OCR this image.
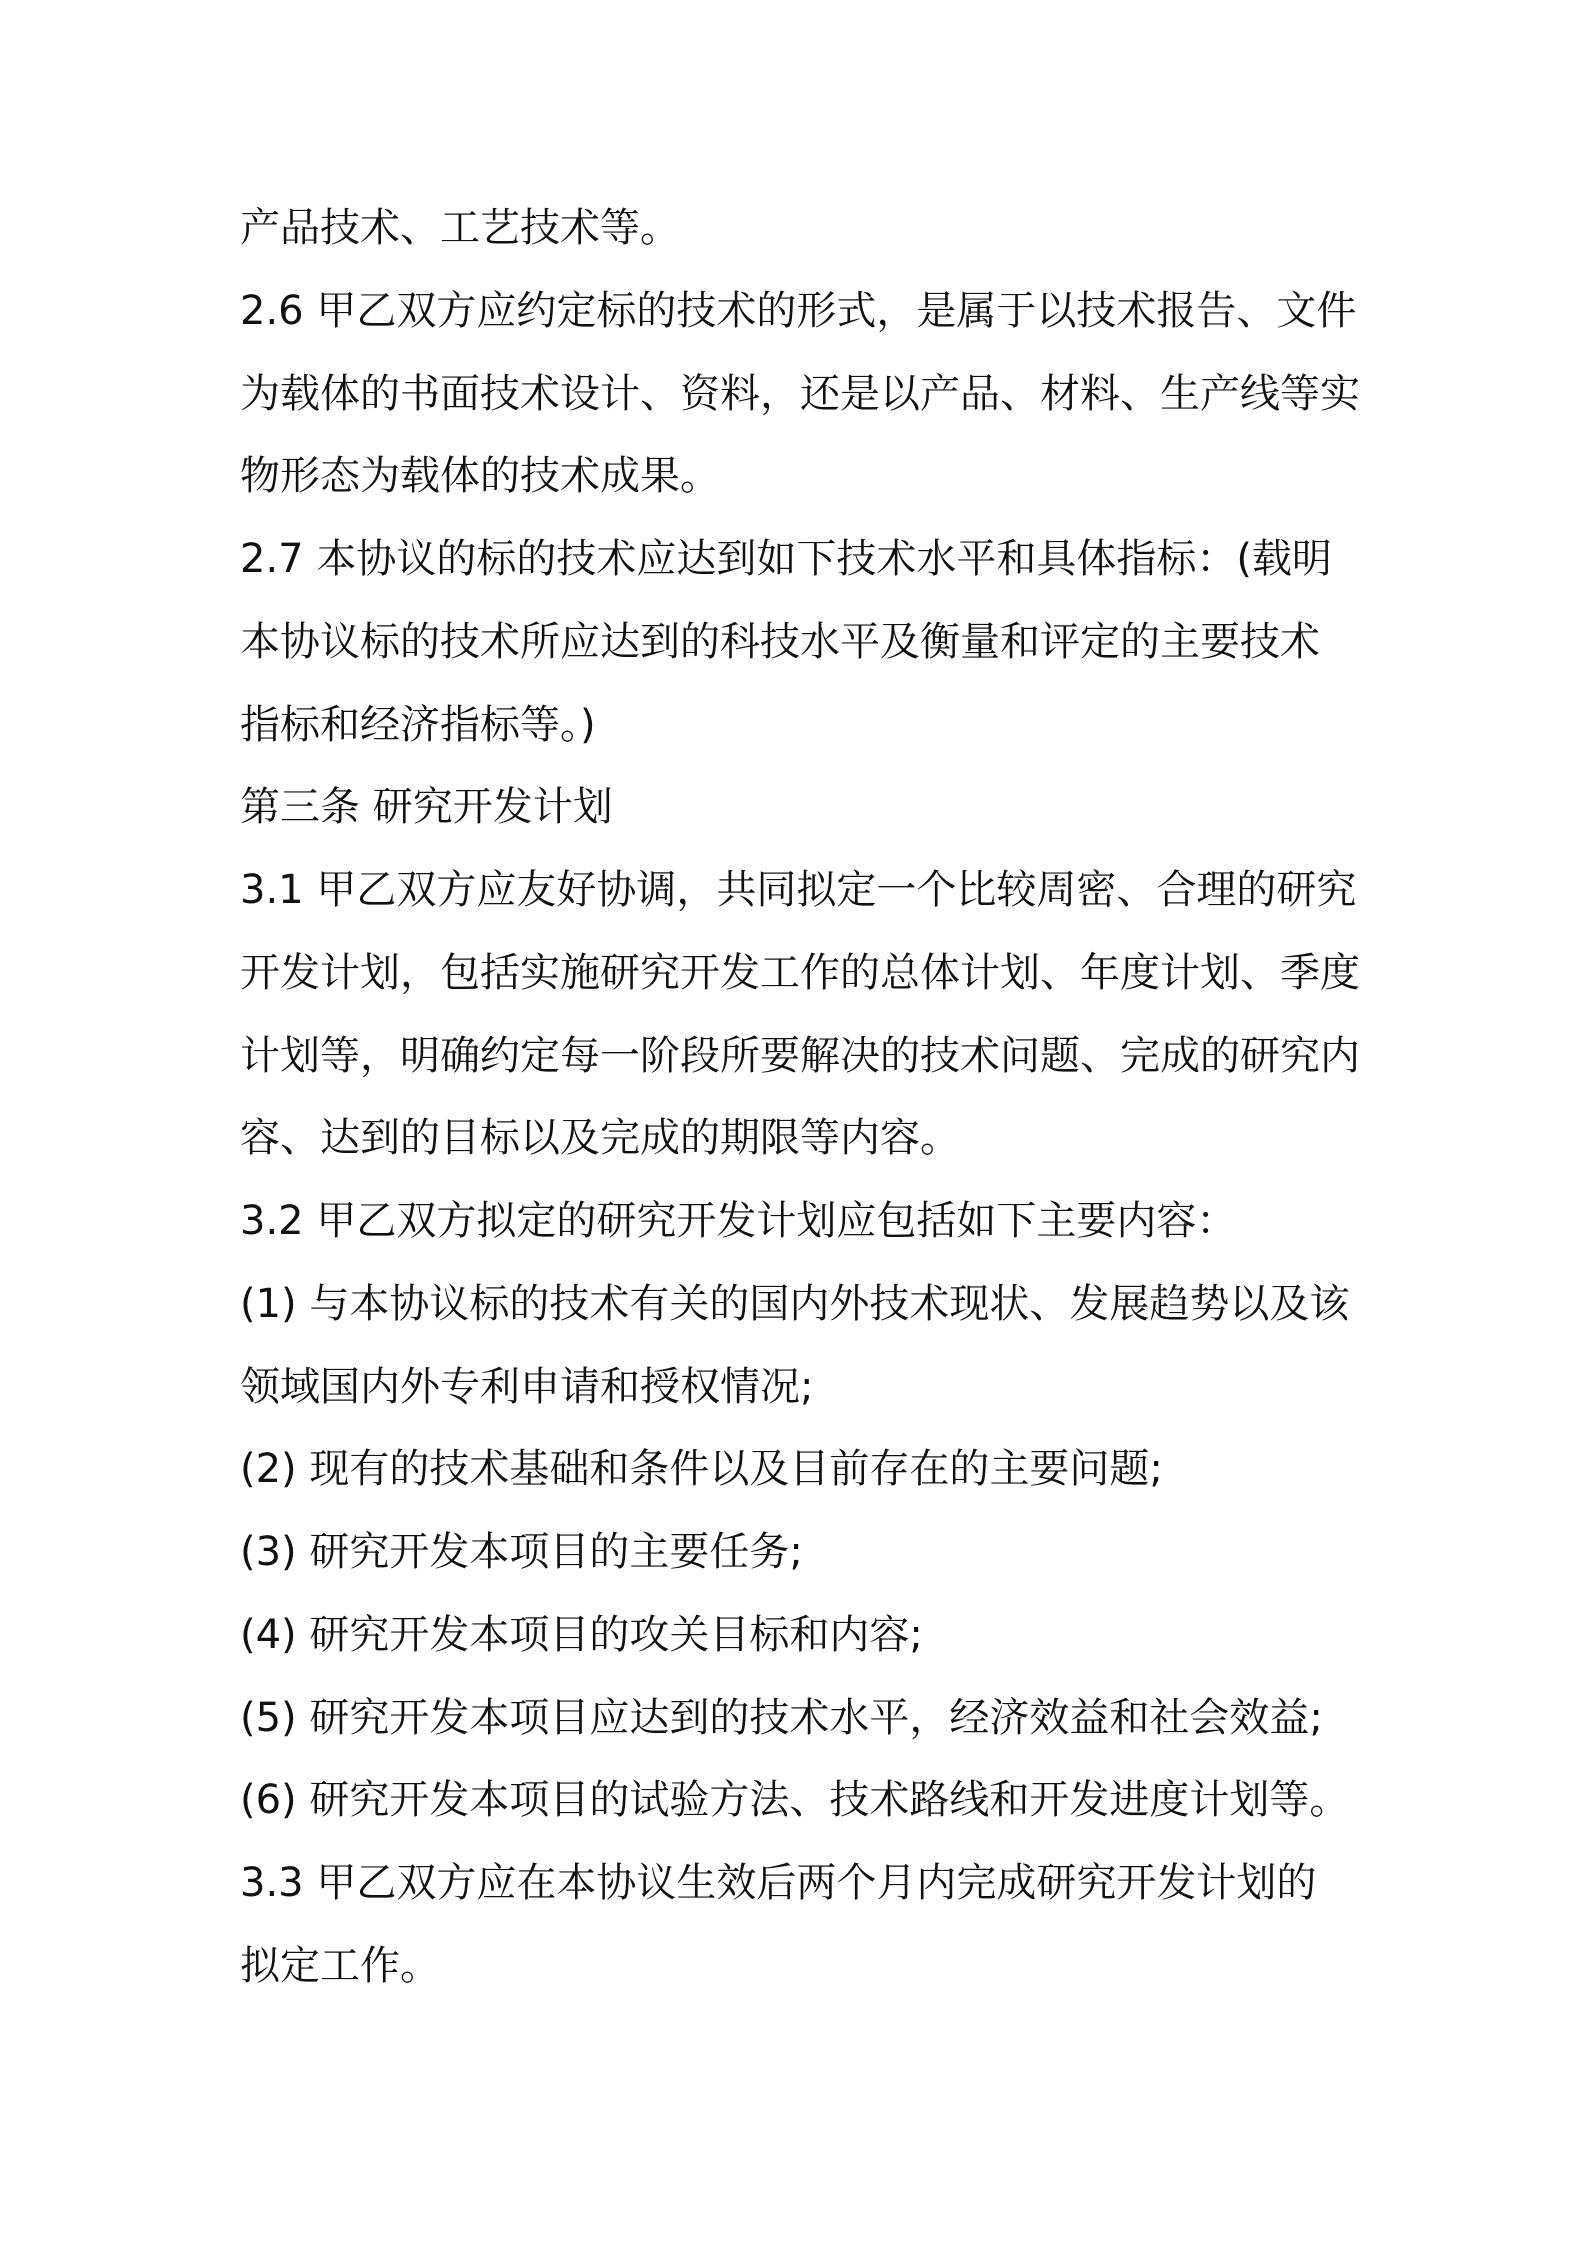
产品技术、工艺技术等。
2.6 甲乙双方应约定标的技术的形式，是属于以技术报告、文件
为载体的书面技术设计、资料，还是以产品、材料、生产线等实
物形态为载体的技术成果。
2.7 本协议的标的技术应达到如下技术水平和具体指标：(载明
本协议标的技术所应达到的科技水平及衡量和评定的主要技术
指标和经济指标等。)
第三条 研究开发计划
3.1 甲乙双方应友好协调，共同拟定一个比较周密、合理的研究
开发计划，包括实施研究开发工作的总体计划、年度计划、季度
计划等，明确约定每一阶段所要解决的技术问题、完成的研究内
容、达到的目标以及完成的期限等内容。
3.2 甲乙双方拟定的研究开发计划应包括如下主要内容：
(1) 与本协议标的技术有关的国内外技术现状、发展趋势以及该
领域国内外专利申请和授权情况;
(2) 现有的技术基础和条件以及目前存在的主要问题;
(3) 研究开发本项目的主要任务;
(4) 研究开发本项目的攻关目标和内容;
(5) 研究开发本项目应达到的技术水平，经济效益和社会效益;
(6) 研究开发本项目的试验方法、技术路线和开发进度计划等。
3.3 甲乙双方应在本协议生效后两个月内完成研究开发计划的
拟定工作。
